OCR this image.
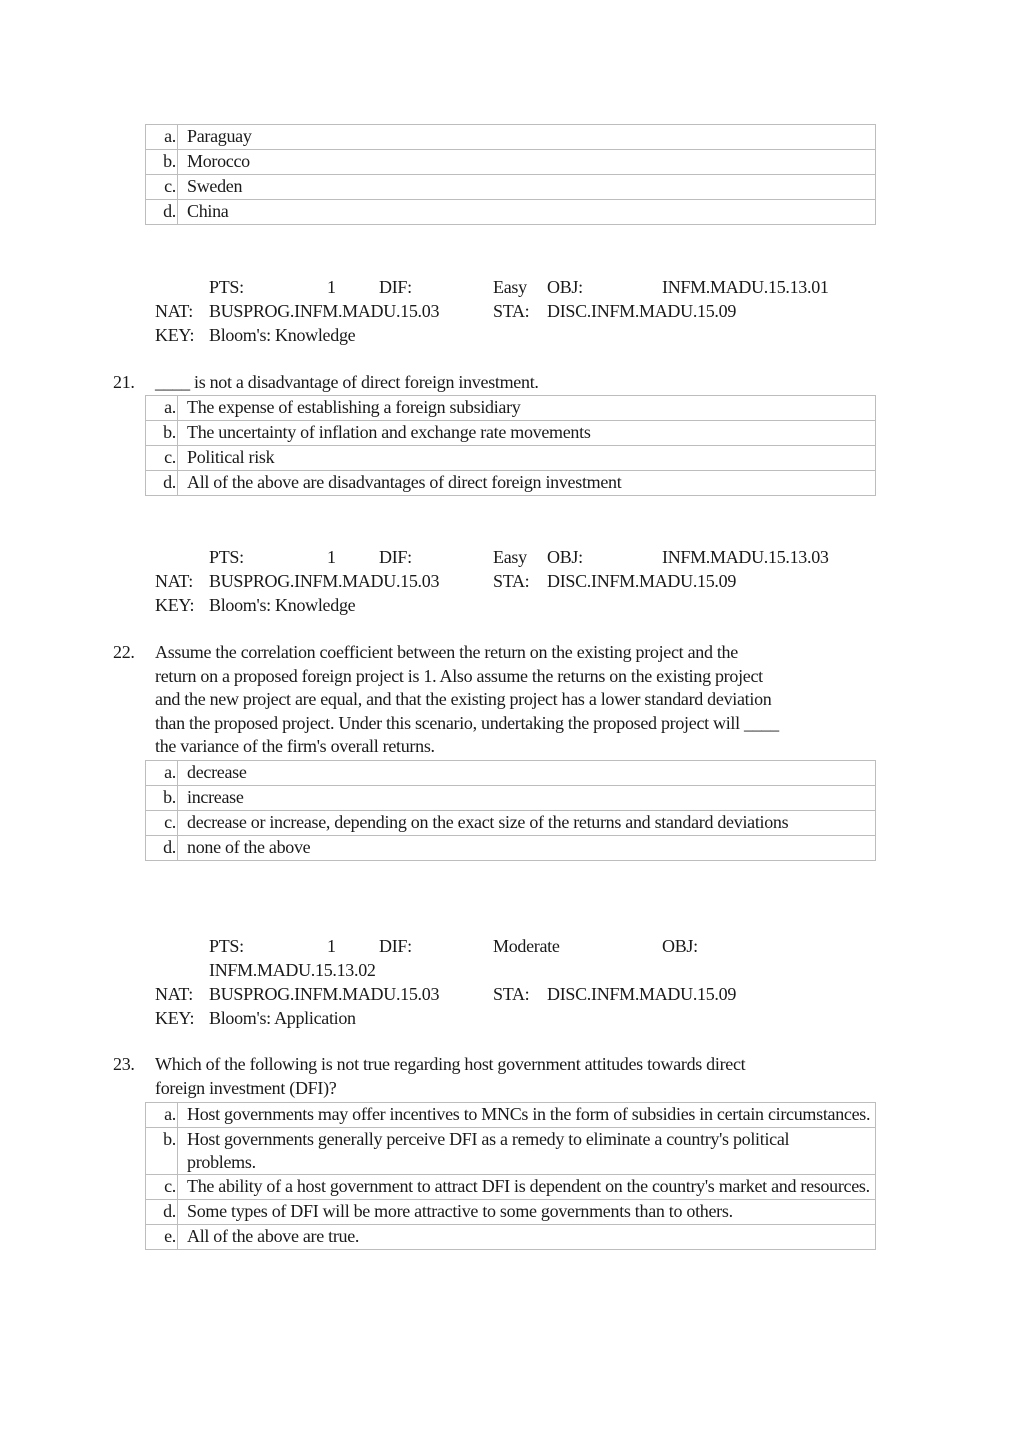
a.	Paraguay
b.	Morocco
c.	Sweden
d.	China
PTS:	1 DIF:	Easy OBJ:	INFM.MADU.15.13.01
NAT: BUSPROG.INFM.MADU.15.03	STA: DISC.INFM.MADU.15.09
KEY: Bloom's: Knowledge
21. ____ is not a disadvantage of direct foreign investment.
a.	The expense of establishing a foreign subsidiary
b.	The uncertainty of inflation and exchange rate movements
c.	Political risk
d.	All of the above are disadvantages of direct foreign investment
PTS:	1 DIF:	Easy OBJ:	INFM.MADU.15.13.03
NAT: BUSPROG.INFM.MADU.15.03	STA: DISC.INFM.MADU.15.09
KEY: Bloom's: Knowledge
22. Assume the correlation coefficient between the return on the existing project and the
return on a proposed foreign project is 1. Also assume the returns on the existing project
and the new project are equal, and that the existing project has a lower standard deviation
than the proposed project. Under this scenario, undertaking the proposed project will ____
the variance of the firm's overall returns.
a.	decrease
b.	increase
c.	decrease or increase, depending on the exact size of the returns and standard deviations
d.	none of the above
PTS:	1 DIF:	Moderate	OBJ:
INFM.MADU.15.13.02
NAT: BUSPROG.INFM.MADU.15.03	STA: DISC.INFM.MADU.15.09
KEY: Bloom's: Application
23. Which of the following is not true regarding host government attitudes towards direct
foreign investment (DFI)?
a.	Host governments may offer incentives to MNCs in the form of subsidies in certain circumstances.
b.	Host governments generally perceive DFI as a remedy to eliminate a country's political problems.
c.	The ability of a host government to attract DFI is dependent on the country's market and resources.
d.	Some types of DFI will be more attractive to some governments than to others.
e.	All of the above are true.
